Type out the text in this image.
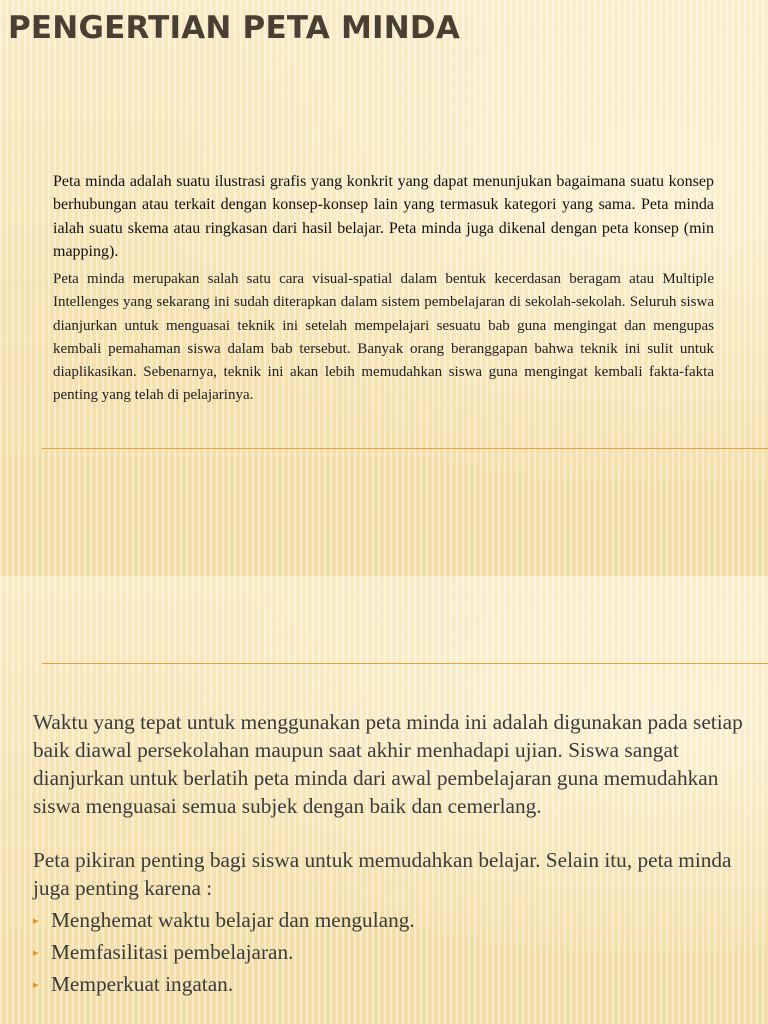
PENGERTIAN PETA MINDA

Peta minda adalah suatu ilustrasi grafis yang konkrit yang dapat menunjukan bagaimana suatu konsep berhubungan atau terkait dengan konsep-konsep lain yang termasuk kategori yang sama. Peta minda ialah suatu skema atau ringkasan dari hasil belajar. Peta minda juga dikenal dengan peta konsep (min mapping).

Peta minda merupakan salah satu cara visual-spatial dalam bentuk kecerdasan beragam atau Multiple Intellenges yang sekarang ini sudah diterapkan dalam sistem pembelajaran di sekolah-sekolah. Seluruh siswa dianjurkan untuk menguasai teknik ini setelah mempelajari sesuatu bab guna mengingat dan mengupas kembali pemahaman siswa dalam bab tersebut. Banyak orang beranggapan bahwa teknik ini sulit untuk diaplikasikan. Sebenarnya, teknik ini akan lebih memudahkan siswa guna mengingat kembali fakta-fakta penting yang telah di pelajarinya.

Waktu yang tepat untuk menggunakan peta minda ini adalah digunakan pada setiap baik diawal persekolahan maupun saat akhir menhadapi ujian. Siswa sangat dianjurkan untuk berlatih peta minda dari awal pembelajaran guna memudahkan siswa menguasai semua subjek dengan baik dan cemerlang.

Peta pikiran penting bagi siswa untuk memudahkan belajar. Selain itu, peta minda juga penting karena :

▸ Menghemat waktu belajar dan mengulang.
▸ Memfasilitasi pembelajaran.
▸ Memperkuat ingatan.
